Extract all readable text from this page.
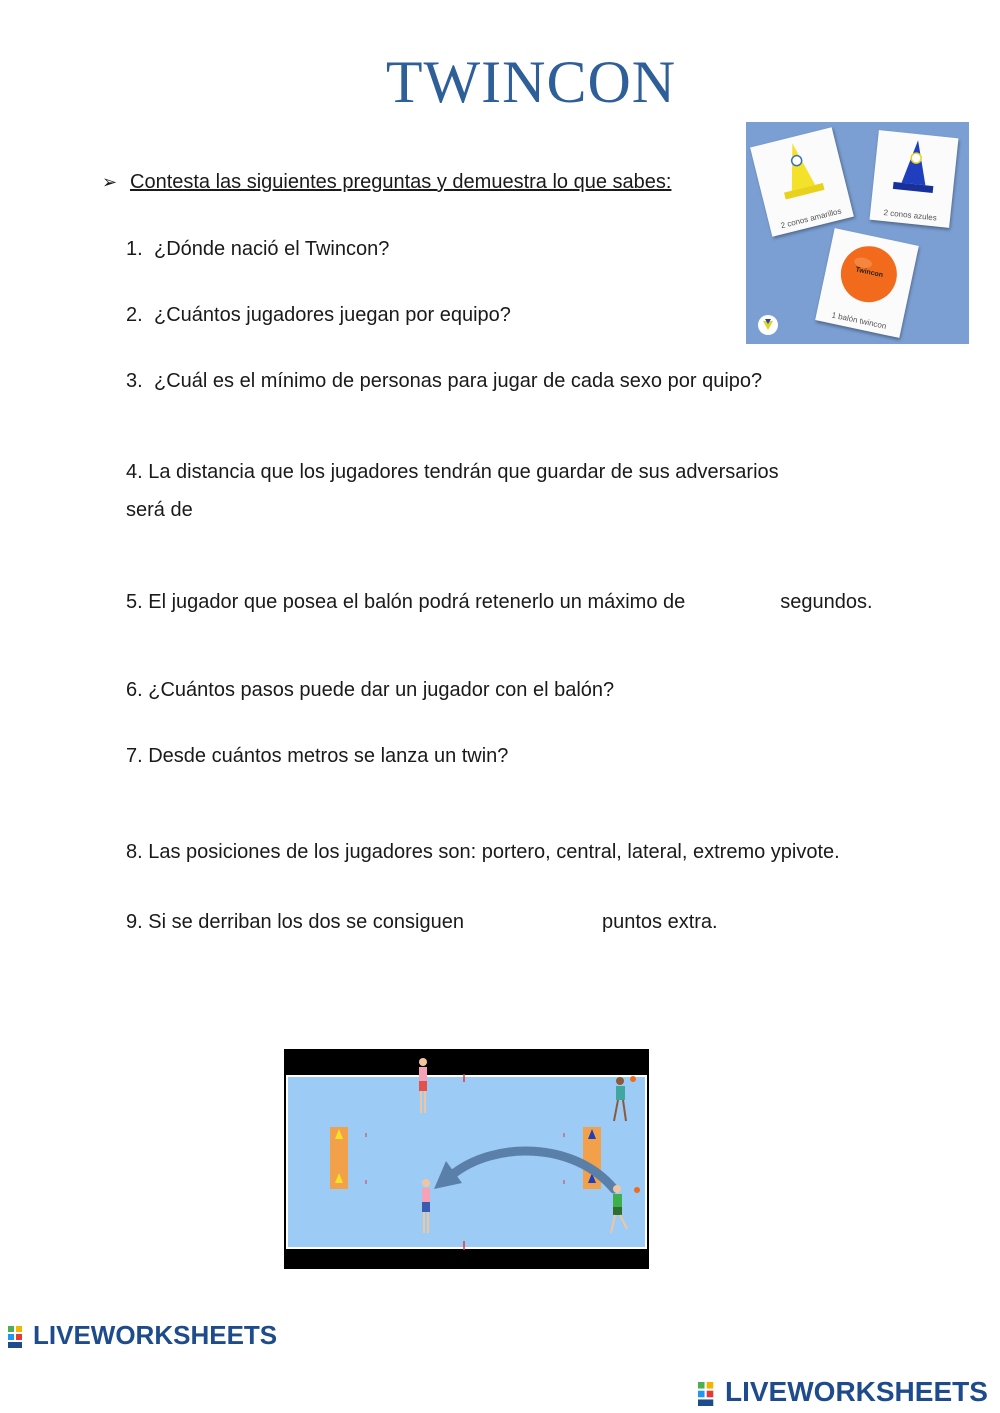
TWINCON
➢ Contesta las siguientes preguntas y demuestra lo que sabes:
1. ¿Dónde nació el Twincon?
2. ¿Cuántos jugadores juegan por equipo?
3. ¿Cuál es el mínimo de personas para jugar de cada sexo por quipo?
4. La distancia que los jugadores tendrán que guardar de sus adversarios
será de
5. El jugador que posea el balón podrá retenerlo un máximo de	segundos.
6. ¿Cuántos pasos puede dar un jugador con el balón?
7. Desde cuántos metros se lanza un twin?
8. Las posiciones de los jugadores son: portero, central, lateral, extremo ypivote.
9. Si se derriban los dos se consiguen	puntos extra.
2 conos amarillos	2 conos azules
Twincon
1 balón twincon
LIVEWORKSHEETS
LIVEWORKSHEETS
